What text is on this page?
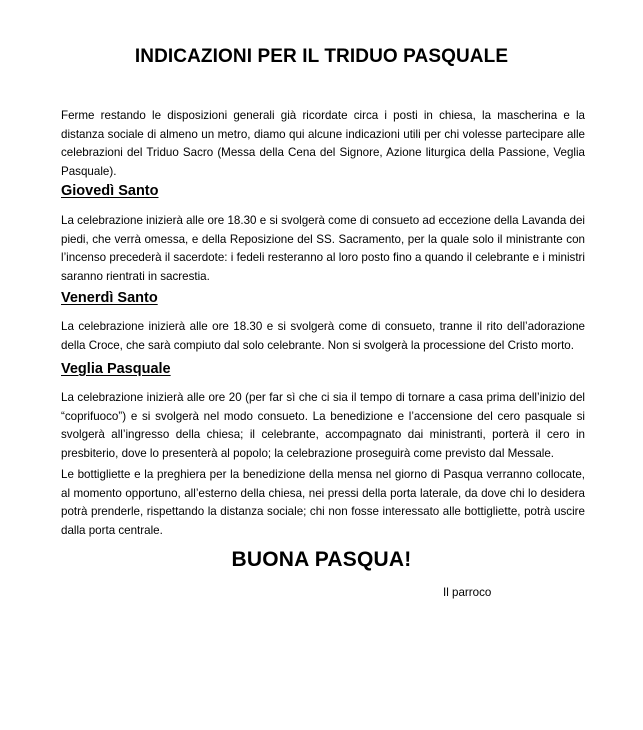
INDICAZIONI PER IL TRIDUO PASQUALE

Ferme restando le disposizioni generali già ricordate circa i posti in chiesa, la mascherina e la distanza sociale di almeno un metro, diamo qui alcune indicazioni utili per chi volesse partecipare alle celebrazioni del Triduo Sacro (Messa della Cena del Signore, Azione liturgica della Passione, Veglia Pasquale).

Giovedì Santo

La celebrazione inizierà alle ore 18.30 e si svolgerà come di consueto ad eccezione della Lavanda dei piedi, che verrà omessa, e della Reposizione del SS. Sacramento, per la quale solo il ministrante con l’incenso precederà il sacerdote: i fedeli resteranno al loro posto fino a quando il celebrante e i ministri saranno rientrati in sacrestia.

Venerdì Santo

La celebrazione inizierà alle ore 18.30 e si svolgerà come di consueto, tranne il rito dell’adorazione della Croce, che sarà compiuto dal solo celebrante. Non si svolgerà la processione del Cristo morto.

Veglia Pasquale

La celebrazione inizierà alle ore 20 (per far sì che ci sia il tempo di tornare a casa prima dell’inizio del “coprifuoco”) e si svolgerà nel modo consueto. La benedizione e l’accensione del cero pasquale si svolgerà all’ingresso della chiesa; il celebrante, accompagnato dai ministranti, porterà il cero in presbiterio, dove lo presenterà al popolo; la celebrazione proseguirà come previsto dal Messale.

Le bottigliette e la preghiera per la benedizione della mensa nel giorno di Pasqua verranno collocate, al momento opportuno, all’esterno della chiesa, nei pressi della porta laterale, da dove chi lo desidera potrà prenderle, rispettando la distanza sociale; chi non fosse interessato alle bottigliette, potrà uscire dalla porta centrale.

BUONA PASQUA!
Il parroco
